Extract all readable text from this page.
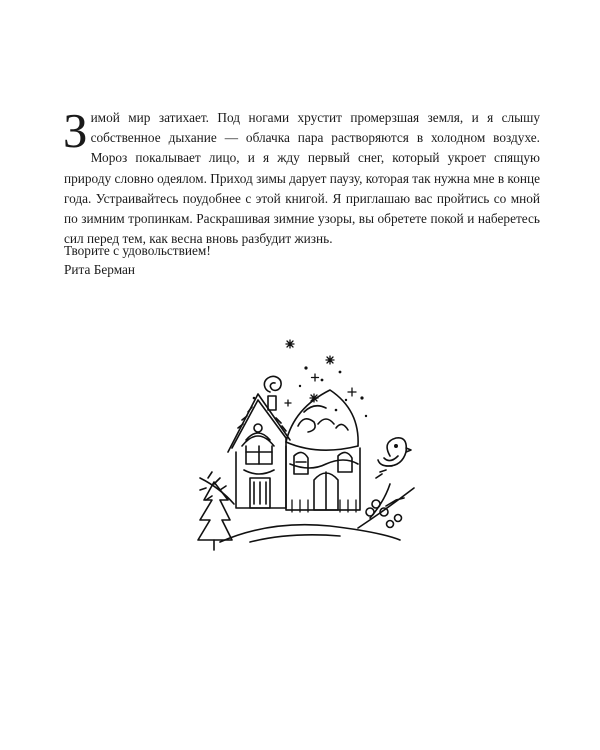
Зимой мир затихает. Под ногами хрустит промерзшая земля, и я слышу собственное дыхание — облачка пара растворяются в холодном воздухе. Мороз покалывает лицо, и я жду первый снег, который укроет спящую природу словно одеялом. Приход зимы дарует паузу, которая так нужна мне в конце года. Устраивайтесь поудобнее с этой книгой. Я приглашаю вас пройтись со мной по зимним тропинкам. Раскрашивая зимние узоры, вы обретете покой и наберетесь сил перед тем, как весна вновь разбудит жизнь.

Творите с удовольствием!
Рита Берман
